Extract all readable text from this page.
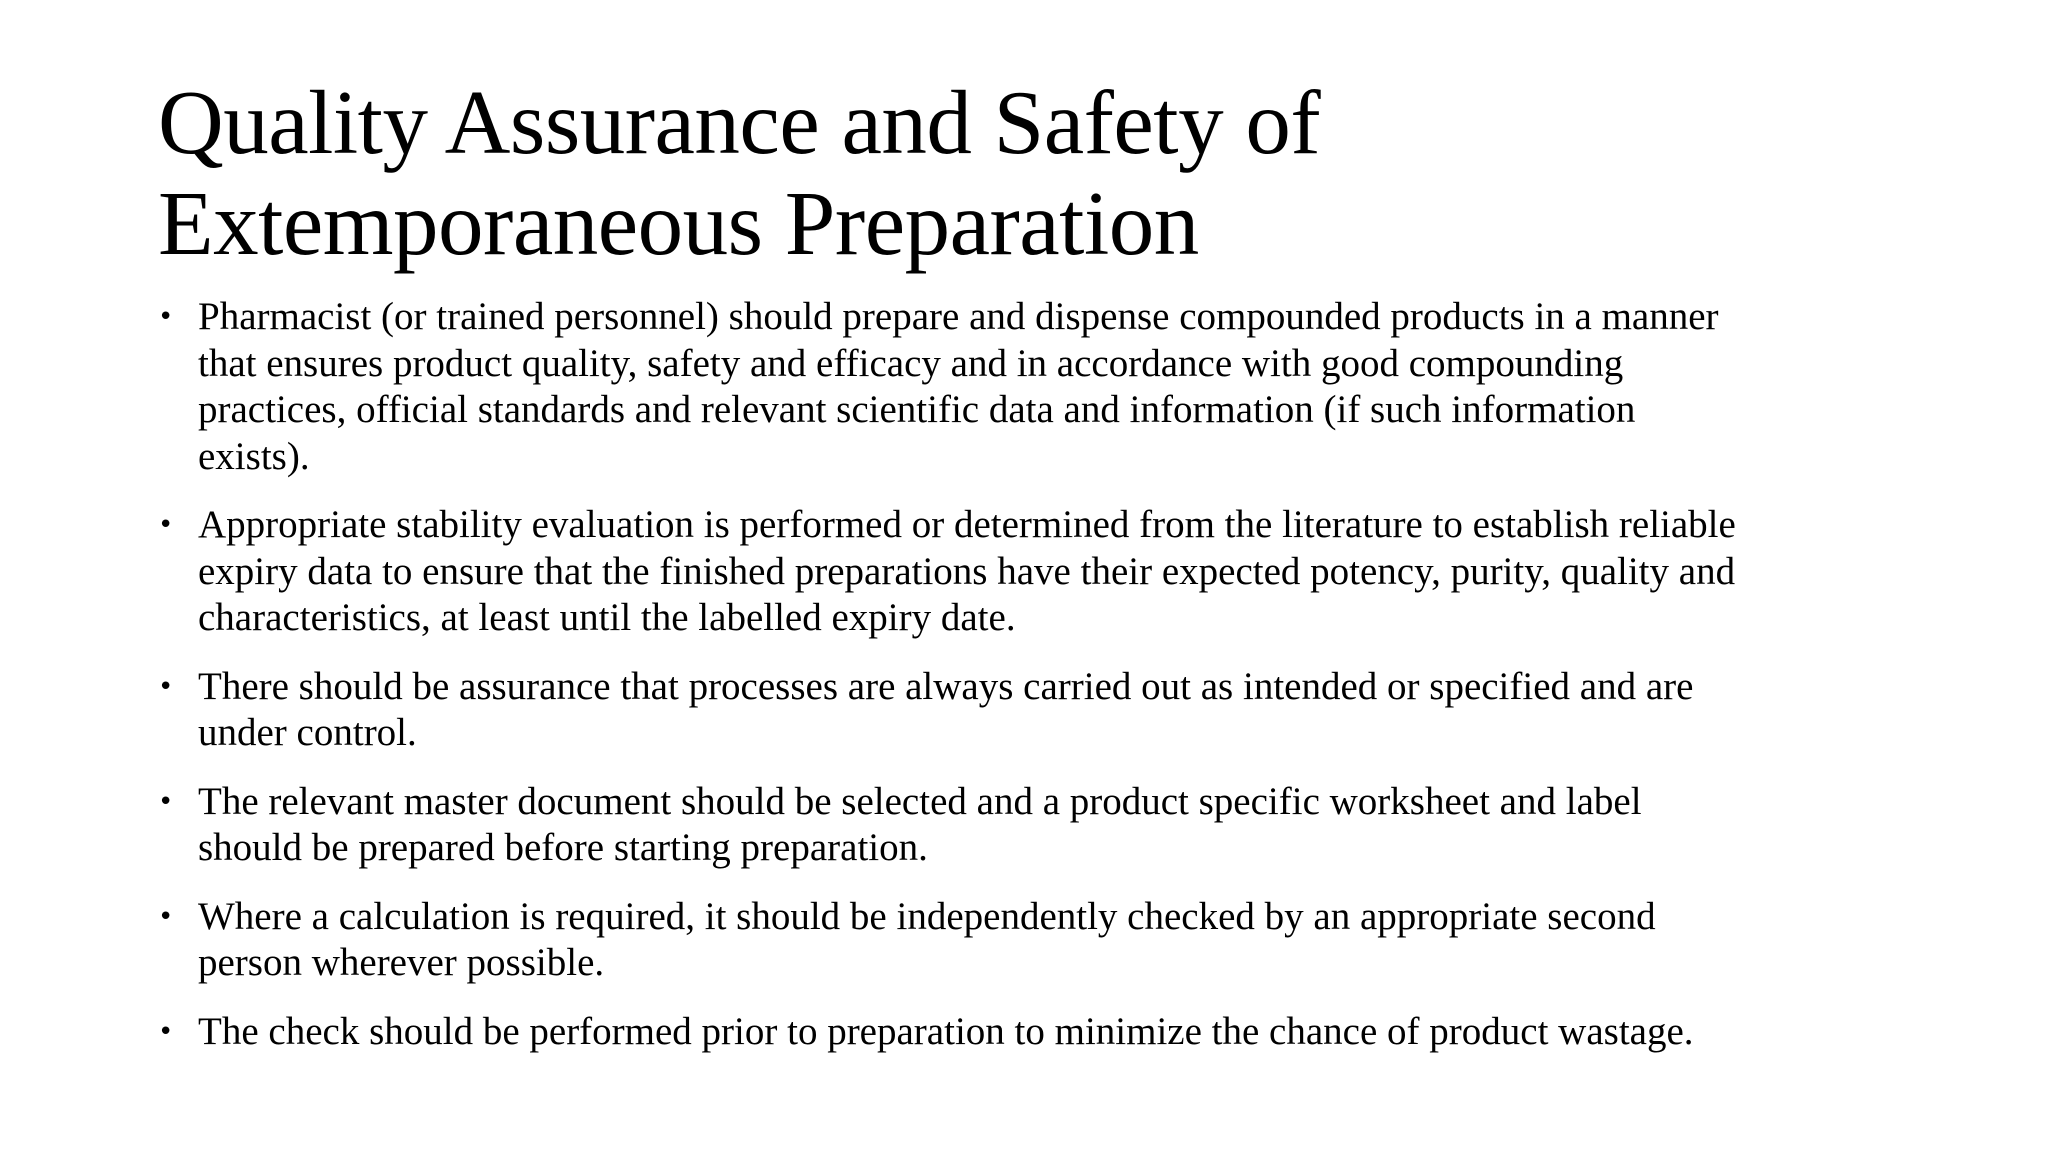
Quality Assurance and Safety of
Extemporaneous Preparation
• Pharmacist (or trained personnel) should prepare and dispense compounded products in a manner
that ensures product quality, safety and efficacy and in accordance with good compounding
practices, official standards and relevant scientific data and information (if such information
exists).
• Appropriate stability evaluation is performed or determined from the literature to establish reliable
expiry data to ensure that the finished preparations have their expected potency, purity, quality and
characteristics, at least until the labelled expiry date.
• There should be assurance that processes are always carried out as intended or specified and are
under control.
• The relevant master document should be selected and a product specific worksheet and label
should be prepared before starting preparation.
• Where a calculation is required, it should be independently checked by an appropriate second
person wherever possible.
• The check should be performed prior to preparation to minimize the chance of product wastage.
